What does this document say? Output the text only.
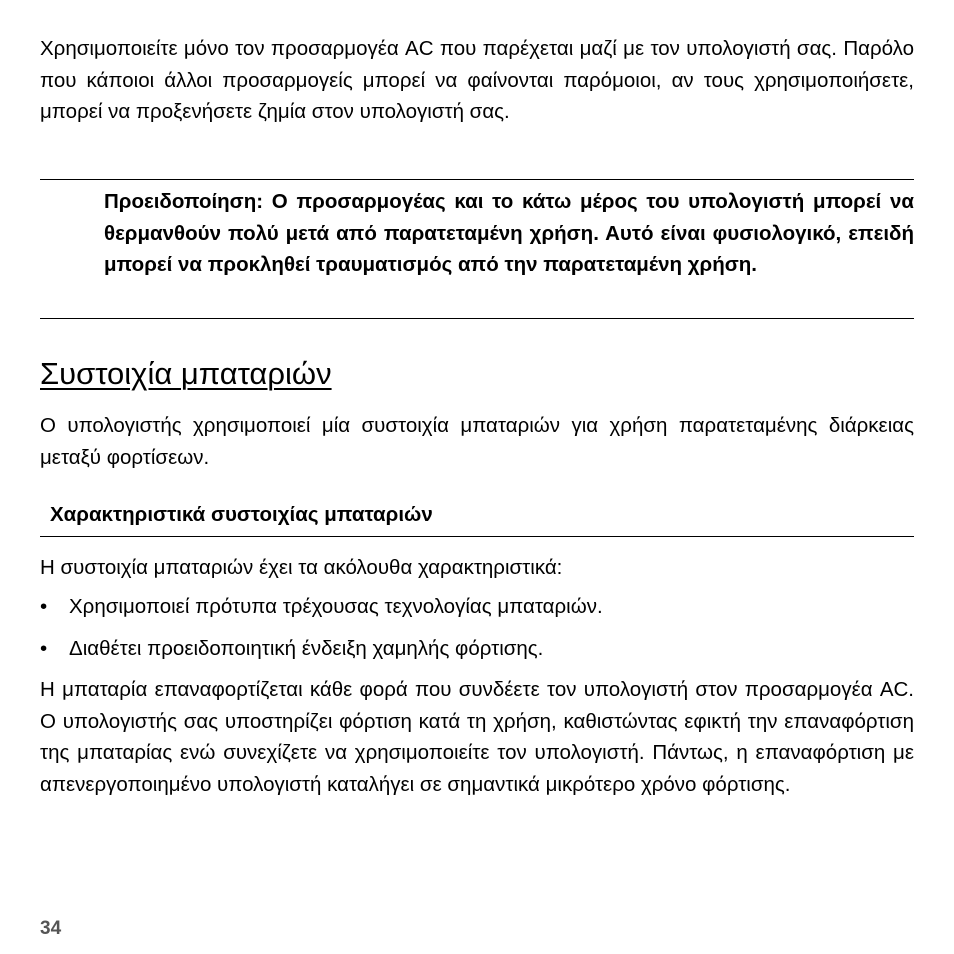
Χρησιμοποιείτε μόνο τον προσαρμογέα AC που παρέχεται μαζί με τον υπολογιστή σας. Παρόλο που κάποιοι άλλοι προσαρμογείς μπορεί να φαίνονται παρόμοιοι, αν τους χρησιμοποιήσετε, μπορεί να προξενήσετε ζημία στον υπολογιστή σας.
Προειδοποίηση: Ο προσαρμογέας και το κάτω μέρος του υπολογιστή μπορεί να θερμανθούν πολύ μετά από παρατεταμένη χρήση. Αυτό είναι φυσιολογικό, επειδή μπορεί να προκληθεί τραυματισμός από την παρατεταμένη χρήση.
Συστοιχία μπαταριών
Ο υπολογιστής χρησιμοποιεί μία συστοιχία μπαταριών για χρήση παρατεταμένης διάρκειας μεταξύ φορτίσεων.
Χαρακτηριστικά συστοιχίας μπαταριών
Η συστοιχία μπαταριών έχει τα ακόλουθα χαρακτηριστικά:
• Χρησιμοποιεί πρότυπα τρέχουσας τεχνολογίας μπαταριών.
• Διαθέτει προειδοποιητική ένδειξη χαμηλής φόρτισης.
Η μπαταρία επαναφορτίζεται κάθε φορά που συνδέετε τον υπολογιστή στον προσαρμογέα AC. Ο υπολογιστής σας υποστηρίζει φόρτιση κατά τη χρήση, καθιστώντας εφικτή την επαναφόρτιση της μπαταρίας ενώ συνεχίζετε να χρησιμοποιείτε τον υπολογιστή. Πάντως, η επαναφόρτιση με απενεργοποιημένο υπολογιστή καταλήγει σε σημαντικά μικρότερο χρόνο φόρτισης.
34
